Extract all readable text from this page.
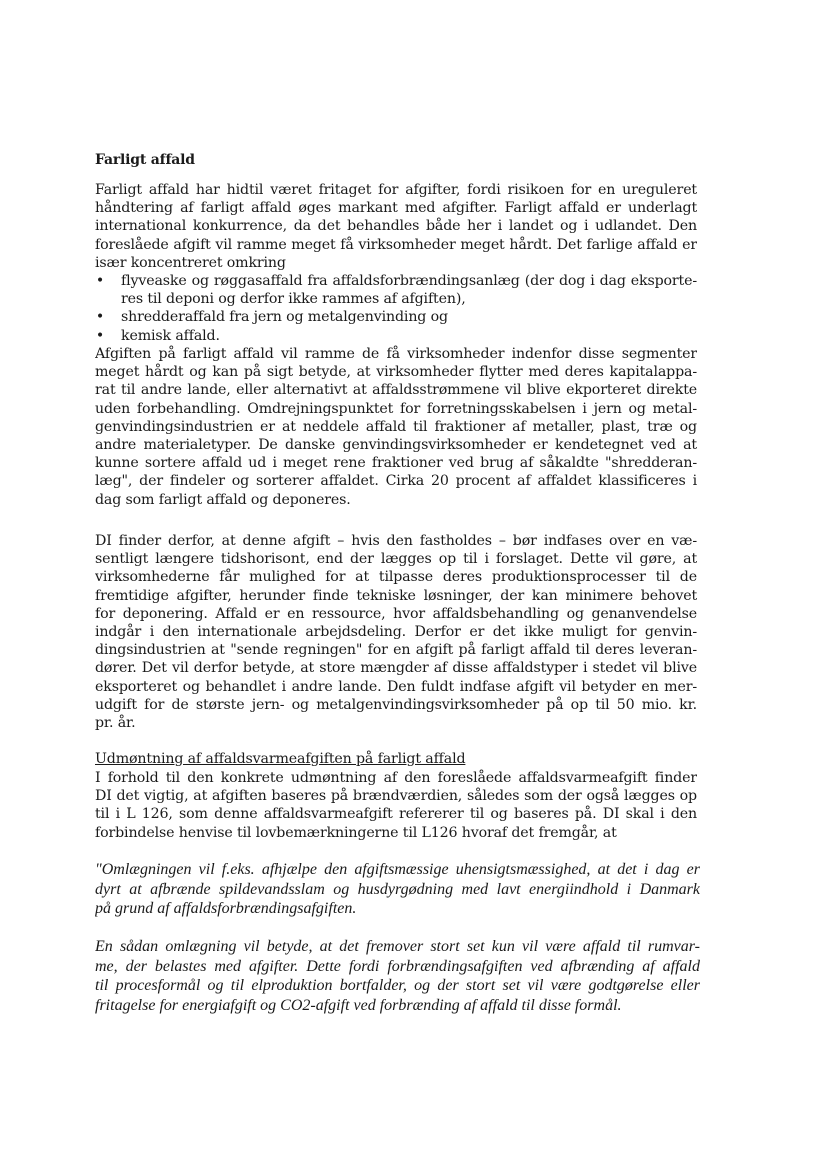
Farligt affald
Farligt affald har hidtil været fritaget for afgifter, fordi risikoen for en ureguleret
håndtering af farligt affald øges markant med afgifter. Farligt affald er underlagt
international konkurrence, da det behandles både her i landet og i udlandet. Den
foreslåede afgift vil ramme meget få virksomheder meget hårdt. Det farlige affald er
især koncentreret omkring
• flyveaske og røggasaffald fra affaldsforbrændingsanlæg (der dog i dag eksporte-
res til deponi og derfor ikke rammes af afgiften),
• shredderaffald fra jern og metalgenvinding og
• kemisk affald.
Afgiften på farligt affald vil ramme de få virksomheder indenfor disse segmenter
meget hårdt og kan på sigt betyde, at virksomheder flytter med deres kapitalappa-
rat til andre lande, eller alternativt at affaldsstrømmene vil blive ekporteret direkte
uden forbehandling. Omdrejningspunktet for forretningsskabelsen i jern og metal-
genvindingsindustrien er at neddele affald til fraktioner af metaller, plast, træ og
andre materialetyper. De danske genvindingsvirksomheder er kendetegnet ved at
kunne sortere affald ud i meget rene fraktioner ved brug af såkaldte "shredderan-
læg", der findeler og sorterer affaldet. Cirka 20 procent af affaldet klassificeres i
dag som farligt affald og deponeres.
DI finder derfor, at denne afgift – hvis den fastholdes – bør indfases over en væ-
sentligt længere tidshorisont, end der lægges op til i forslaget. Dette vil gøre, at
virksomhederne får mulighed for at tilpasse deres produktionsprocesser til de
fremtidige afgifter, herunder finde tekniske løsninger, der kan minimere behovet
for deponering. Affald er en ressource, hvor affaldsbehandling og genanvendelse
indgår i den internationale arbejdsdeling. Derfor er det ikke muligt for genvin-
dingsindustrien at "sende regningen" for en afgift på farligt affald til deres leveran-
dører. Det vil derfor betyde, at store mængder af disse affaldstyper i stedet vil blive
eksporteret og behandlet i andre lande. Den fuldt indfase afgift vil betyder en mer-
udgift for de største jern- og metalgenvindingsvirksomheder på op til 50 mio. kr.
pr. år.
Udmøntning af affaldsvarmeafgiften på farligt affald
I forhold til den konkrete udmøntning af den foreslåede affaldsvarmeafgift finder
DI det vigtig, at afgiften baseres på brændværdien, således som der også lægges op
til i L 126, som denne affaldsvarmeafgift refererer til og baseres på. DI skal i den
forbindelse henvise til lovbemærkningerne til L126 hvoraf det fremgår, at
"Omlægningen vil f.eks. afhjælpe den afgiftsmæssige uhensigtsmæssighed, at det i dag er
dyrt at afbrænde spildevandsslam og husdyrgødning med lavt energiindhold i Danmark
på grund af affaldsforbrændingsafgiften.
En sådan omlægning vil betyde, at det fremover stort set kun vil være affald til rumvar-
me, der belastes med afgifter. Dette fordi forbrændingsafgiften ved afbrænding af affald
til procesformål og til elproduktion bortfalder, og der stort set vil være godtgørelse eller
fritagelse for energiafgift og CO2-afgift ved forbrænding af affald til disse formål.
